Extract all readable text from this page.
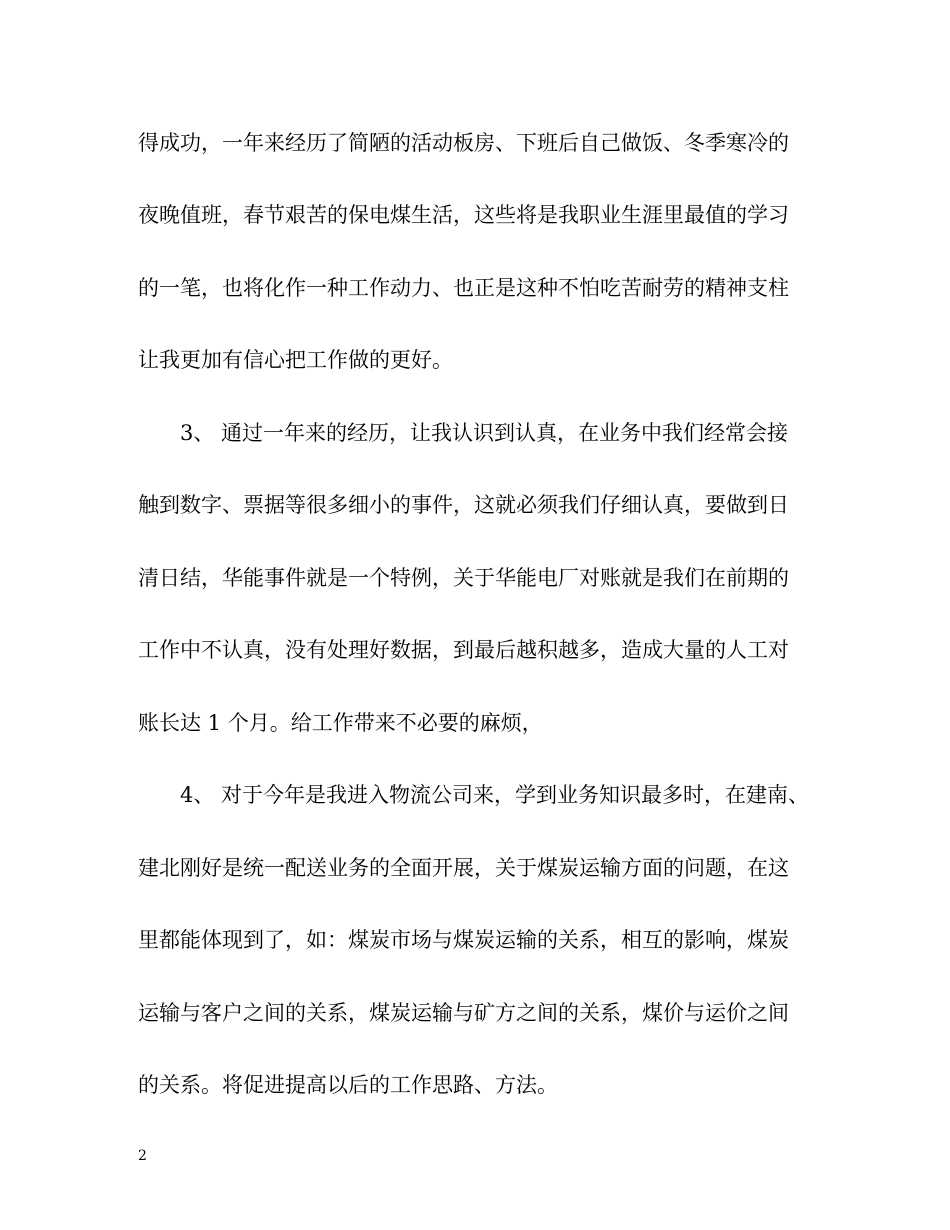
得成功，一年来经历了简陋的活动板房、下班后自己做饭、冬季寒冷的
夜晚值班，春节艰苦的保电煤生活，这些将是我职业生涯里最值的学习
的一笔，也将化作一种工作动力、也正是这种不怕吃苦耐劳的精神支柱
让我更加有信心把工作做的更好。
3、 通过一年来的经历，让我认识到认真，在业务中我们经常会接
触到数字、票据等很多细小的事件，这就必须我们仔细认真，要做到日
清日结，华能事件就是一个特例，关于华能电厂对账就是我们在前期的
工作中不认真，没有处理好数据，到最后越积越多，造成大量的人工对
账长达 1 个月。给工作带来不必要的麻烦，
4、 对于今年是我进入物流公司来，学到业务知识最多时，在建南、
建北刚好是统一配送业务的全面开展，关于煤炭运输方面的问题，在这
里都能体现到了，如：煤炭市场与煤炭运输的关系，相互的影响，煤炭
运输与客户之间的关系，煤炭运输与矿方之间的关系，煤价与运价之间
的关系。将促进提高以后的工作思路、方法。
2
